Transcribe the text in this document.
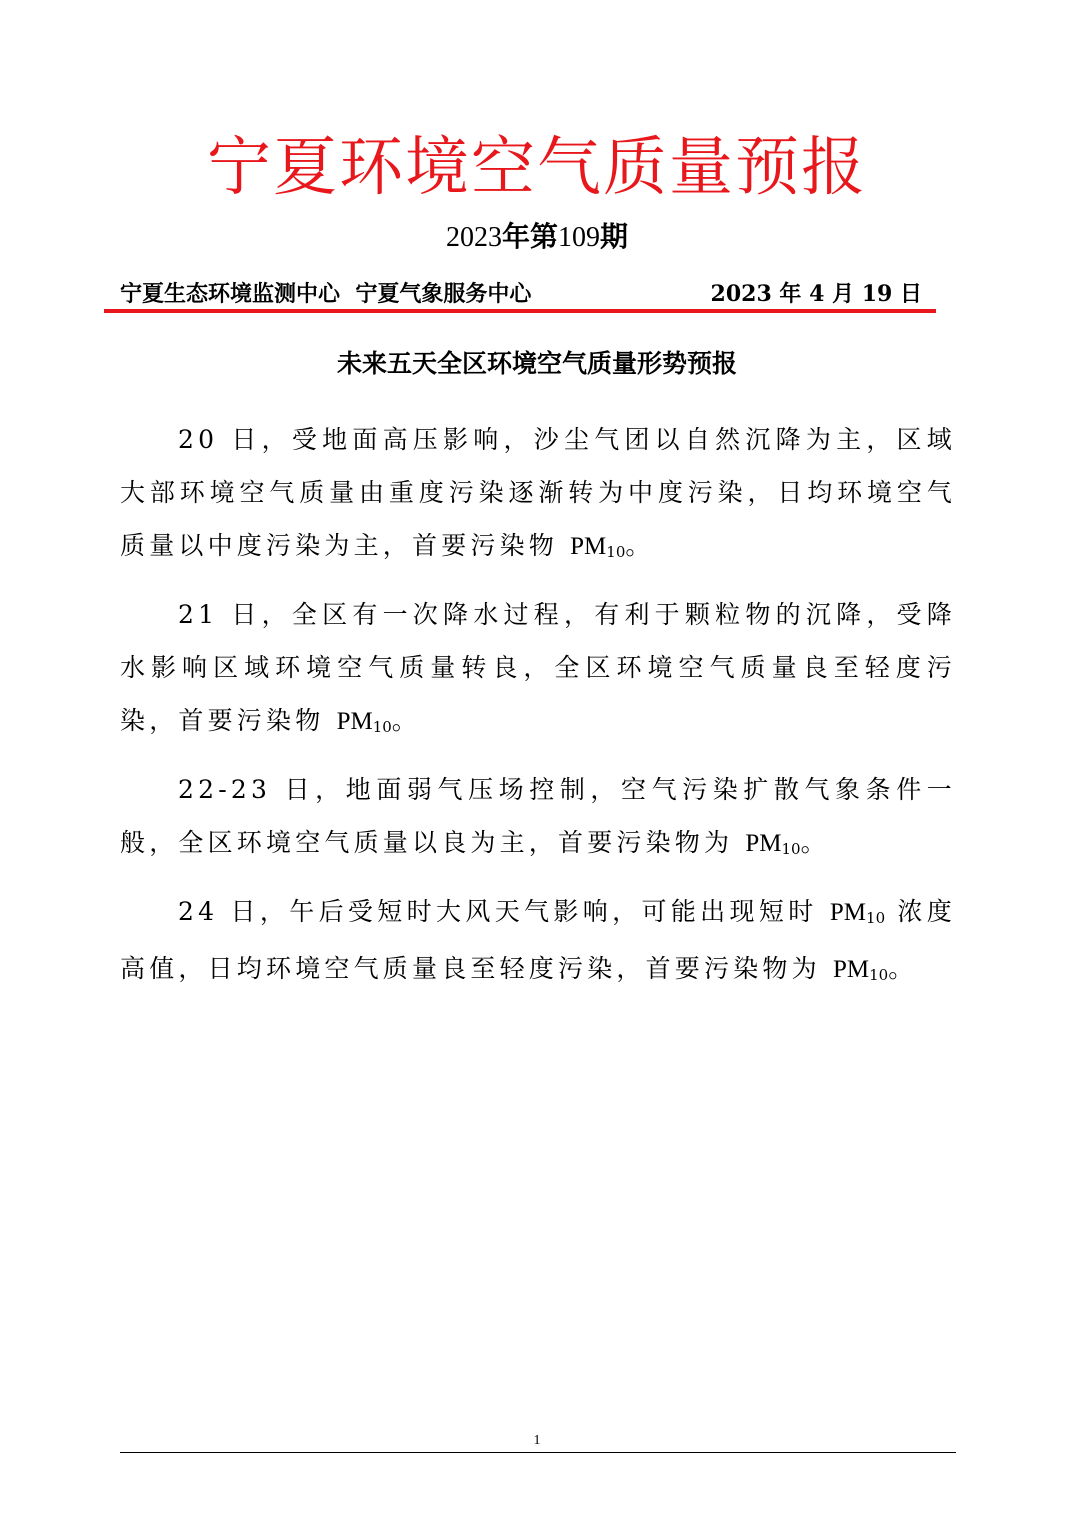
宁夏环境空气质量预报
2023年第109期
宁夏生态环境监测中心  宁夏气象服务中心	2023 年 4 月 19 日
未来五天全区环境空气质量形势预报

20 日，受地面高压影响，沙尘气团以自然沉降为主，区域大部环境空气质量由重度污染逐渐转为中度污染，日均环境空气质量以中度污染为主，首要污染物 $PM_{10}$。

21 日，全区有一次降水过程，有利于颗粒物的沉降，受降水影响区域环境空气质量转良，全区环境空气质量良至轻度污染，首要污染物 $PM_{10}$。

22-23 日，地面弱气压场控制，空气污染扩散气象条件一般，全区环境空气质量以良为主，首要污染物为 $PM_{10}$。

24 日，午后受短时大风天气影响，可能出现短时 $PM_{10}$ 浓度高值，日均环境空气质量良至轻度污染，首要污染物为 $PM_{10}$。

1
